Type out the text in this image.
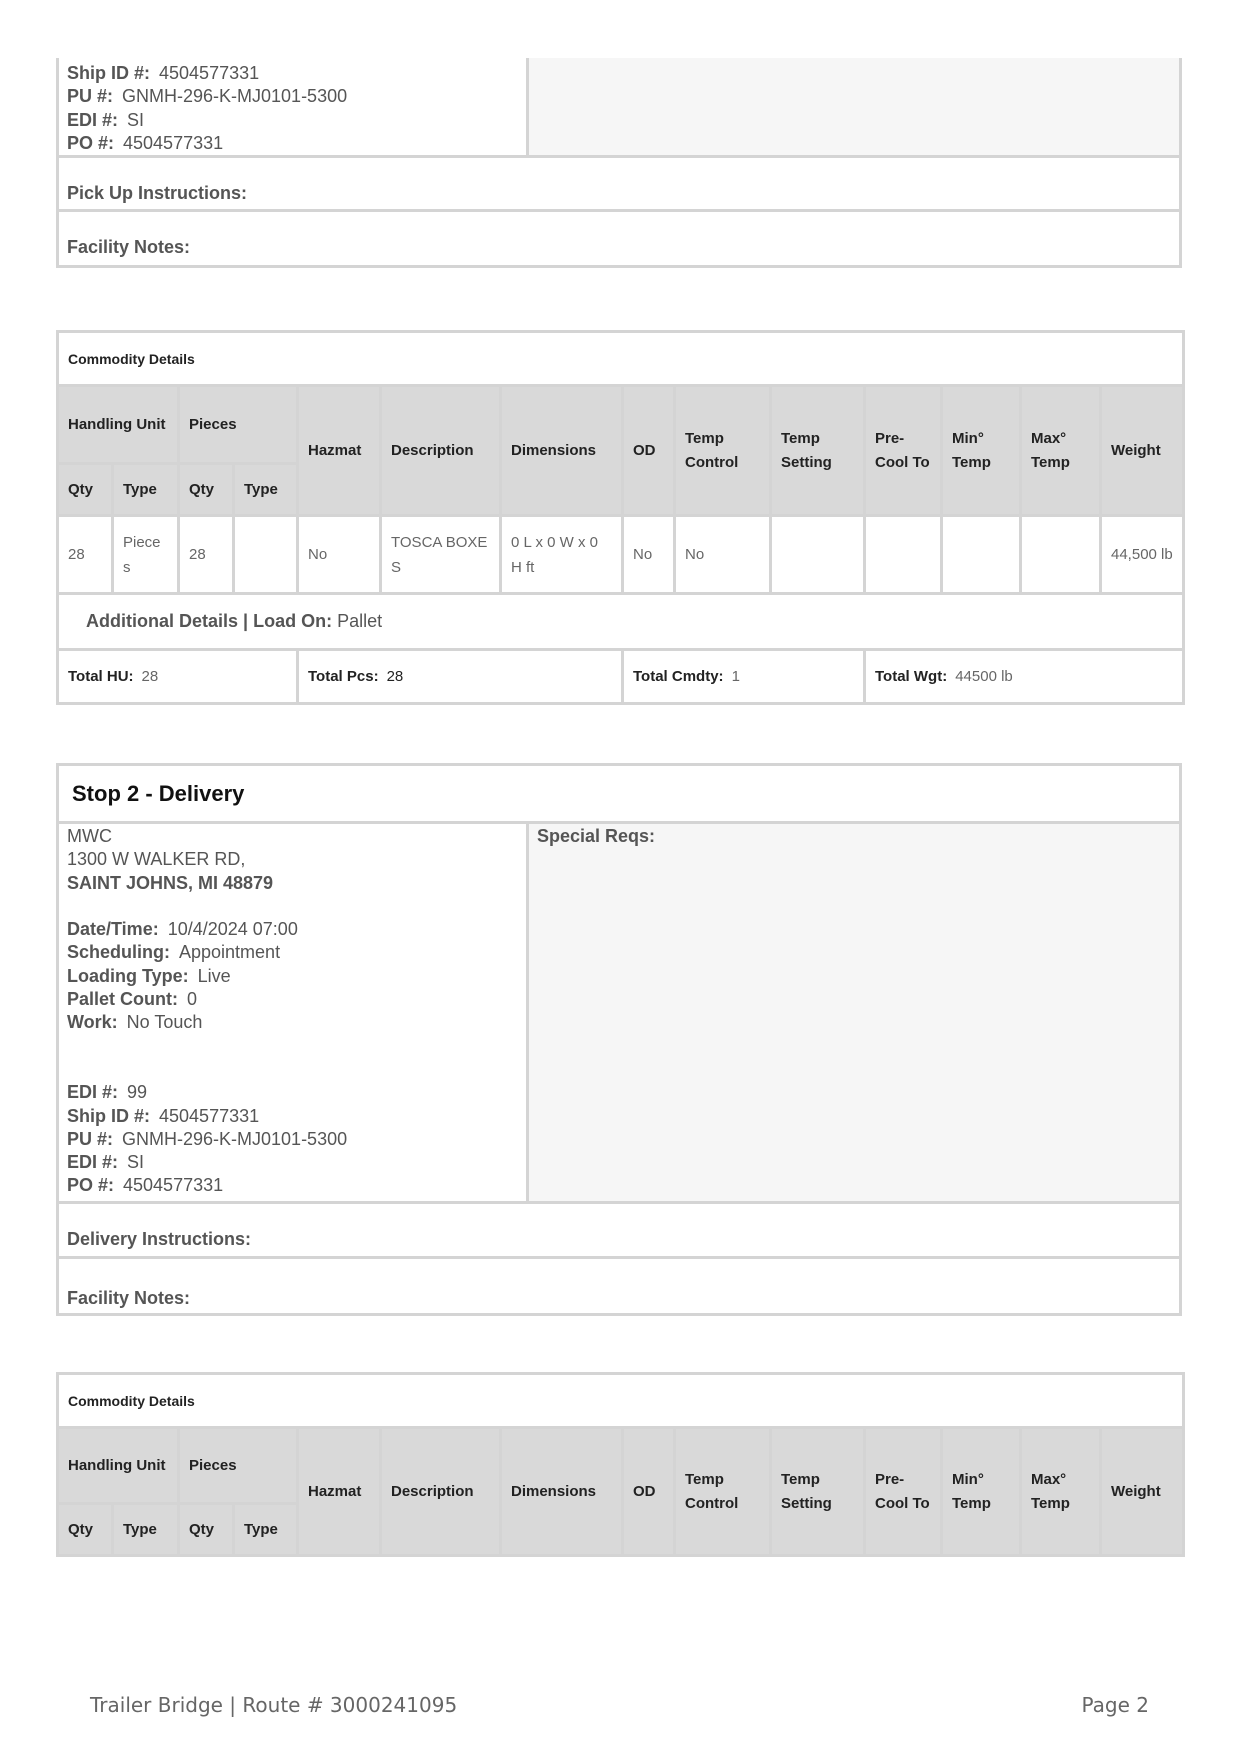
Ship ID #: 4504577331
PU #: GNMH-296-K-MJ0101-5300
EDI #: SI
PO #: 4504577331
Pick Up Instructions:
Facility Notes:
Commodity Details													
Handling Unit		Pieces		Hazmat	Description	Dimensions	OD	Temp Control	Temp Setting	Pre-Cool To	Min° Temp	Max° Temp	Weight
Qty	Type	Qty	Type										
28	Pieces	28		No	TOSCA BOXES	0 L x 0 W x 0 H ft	No	No					44,500 lb
Additional Details | Load On: Pallet													
Total HU: 28				Total Pcs: 28			Total Cmdty: 1			Total Wgt: 44500 lb			
Stop 2 - Delivery
MWC
1300 W WALKER RD,
SAINT JOHNS, MI 48879
Date/Time: 10/4/2024 07:00
Scheduling: Appointment
Loading Type: Live
Pallet Count: 0
Work: No Touch
EDI #: 99
Ship ID #: 4504577331
PU #: GNMH-296-K-MJ0101-5300
EDI #: SI
PO #: 4504577331
Special Reqs:
Delivery Instructions:
Facility Notes:
Commodity Details													
Handling Unit		Pieces		Hazmat	Description	Dimensions	OD	Temp Control	Temp Setting	Pre-Cool To	Min° Temp	Max° Temp	Weight
Qty	Type	Qty	Type										
Trailer Bridge | Route # 3000241095	Page 2
